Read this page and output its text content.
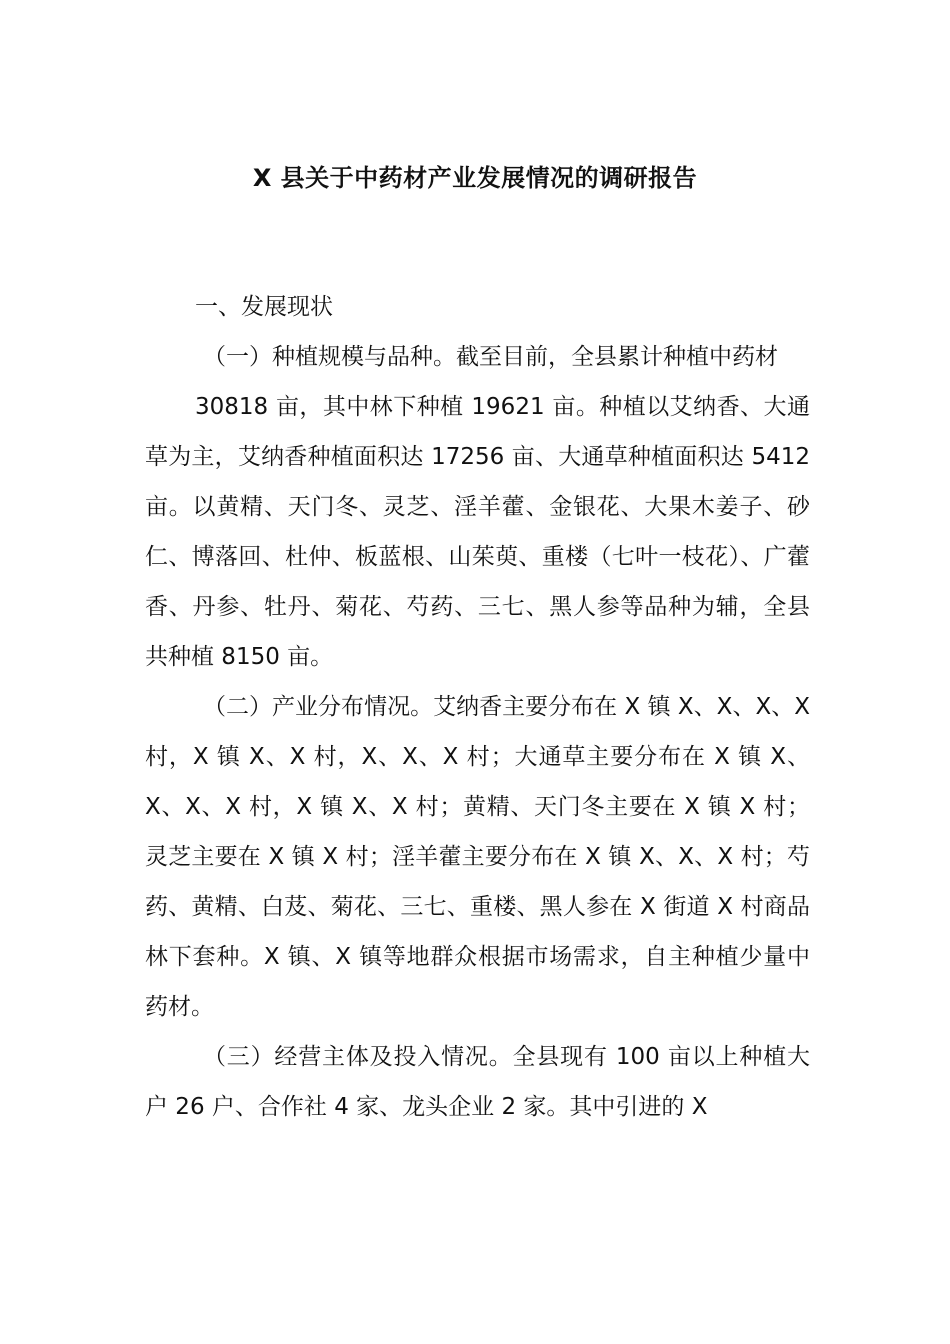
X 县关于中药材产业发展情况的调研报告

一、发展现状

（一）种植规模与品种。截至目前，全县累计种植中药材

30818 亩，其中林下种植 19621 亩。种植以艾纳香、大通草为主，艾纳香种植面积达 17256 亩、大通草种植面积达 5412 亩。以黄精、天门冬、灵芝、淫羊藿、金银花、大果木姜子、砂仁、博落回、杜仲、板蓝根、山茱萸、重楼（七叶一枝花）、广藿香、丹参、牡丹、菊花、芍药、三七、黑人参等品种为辅，全县共种植 8150 亩。

（二）产业分布情况。艾纳香主要分布在 X 镇 X、X、X、X 村，X 镇 X、X 村，X、X、X 村；大通草主要分布在 X 镇 X、X、X、X 村，X 镇 X、X 村；黄精、天门冬主要在 X 镇 X 村；灵芝主要在 X 镇 X 村；淫羊藿主要分布在 X 镇 X、X、X 村；芍药、黄精、白芨、菊花、三七、重楼、黑人参在 X 街道 X 村商品林下套种。X 镇、X 镇等地群众根据市场需求，自主种植少量中药材。

（三）经营主体及投入情况。全县现有 100 亩以上种植大户 26 户、合作社 4 家、龙头企业 2 家。其中引进的 X
